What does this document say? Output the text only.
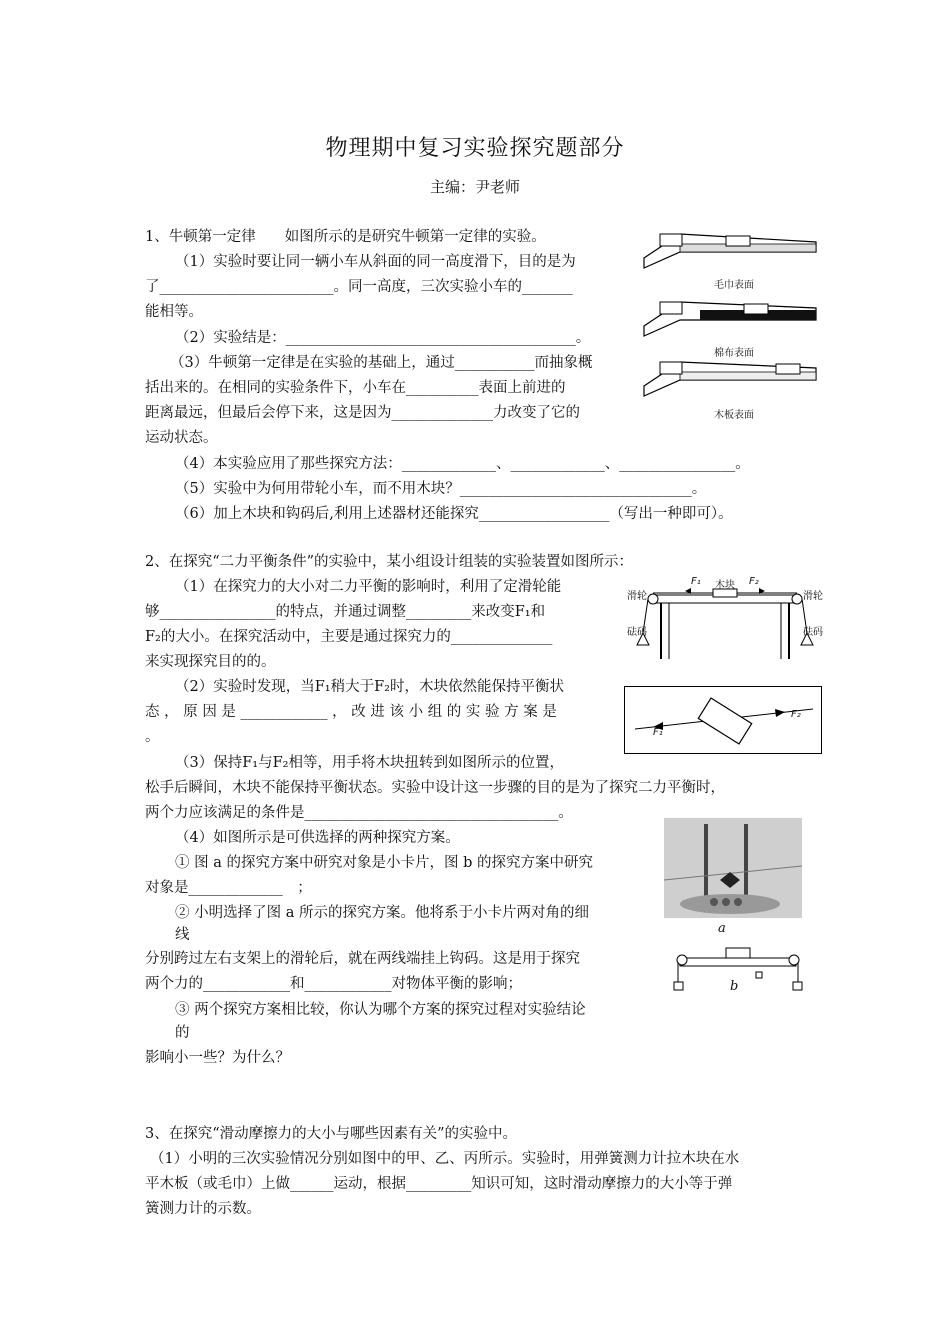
物理期中复习实验探究题部分
主编：尹老师
1、牛顿第一定律　　如图所示的是研究牛顿第一定律的实验。
（1）实验时要让同一辆小车从斜面的同一高度滑下，目的是为
了________________________。同一高度，三次实验小车的_______
能相等。
（2）实验结是：________________________________________。
（3）牛顿第一定律是在实验的基础上，通过___________而抽象概
括出来的。在相同的实验条件下，小车在__________表面上前进的
距离最远，但最后会停下来，这是因为______________力改变了它的
运动状态。
（4）本实验应用了那些探究方法：_____________、_____________、________________。
（5）实验中为何用带轮小车，而不用木块？________________________________。
（6）加上木块和钩码后,利用上述器材还能探究__________________（写出一种即可）。
毛巾表面
棉布表面
木板表面
2、在探究“二力平衡条件”的实验中，某小组设计组装的实验装置如图所示：
（1）在探究力的大小对二力平衡的影响时，利用了定滑轮能
够________________的特点，并通过调整_________来改变F₁和
F₂的大小。在探究活动中，主要是通过探究力的______________
来实现探究目的的。
（2）实验时发现，当F₁稍大于F₂时，木块依然能保持平衡状
态 ， 原 因 是 ____________ ， 改 进 该 小 组 的 实 验 方 案 是
。
（3）保持F₁与F₂相等，用手将木块扭转到如图所示的位置，
松手后瞬间，木块不能保持平衡状态。实验中设计这一步骤的目的是为了探究二力平衡时，
两个力应该满足的条件是___________________________________。
（4）如图所示是可供选择的两种探究方案。
① 图 a 的探究方案中研究对象是小卡片，图 b 的探究方案中研究
对象是_____________　；
② 小明选择了图 a 所示的探究方案。他将系于小卡片两对角的细
线
分别跨过左右支架上的滑轮后，就在两线端挂上钩码。这是用于探究
两个力的____________和____________对物体平衡的影响；
③ 两个探究方案相比较，你认为哪个方案的探究过程对实验结论
的
影响小一些？为什么？
滑轮	滑轮
木块
F₁	F₂
砝码	砝码
F₁
F₂
a
b
3、在探究“滑动摩擦力的大小与哪些因素有关”的实验中。
（1）小明的三次实验情况分别如图中的甲、乙、丙所示。实验时，用弹簧测力计拉木块在水
平木板（或毛巾）上做______运动，根据_________知识可知，这时滑动摩擦力的大小等于弹
簧测力计的示数。
